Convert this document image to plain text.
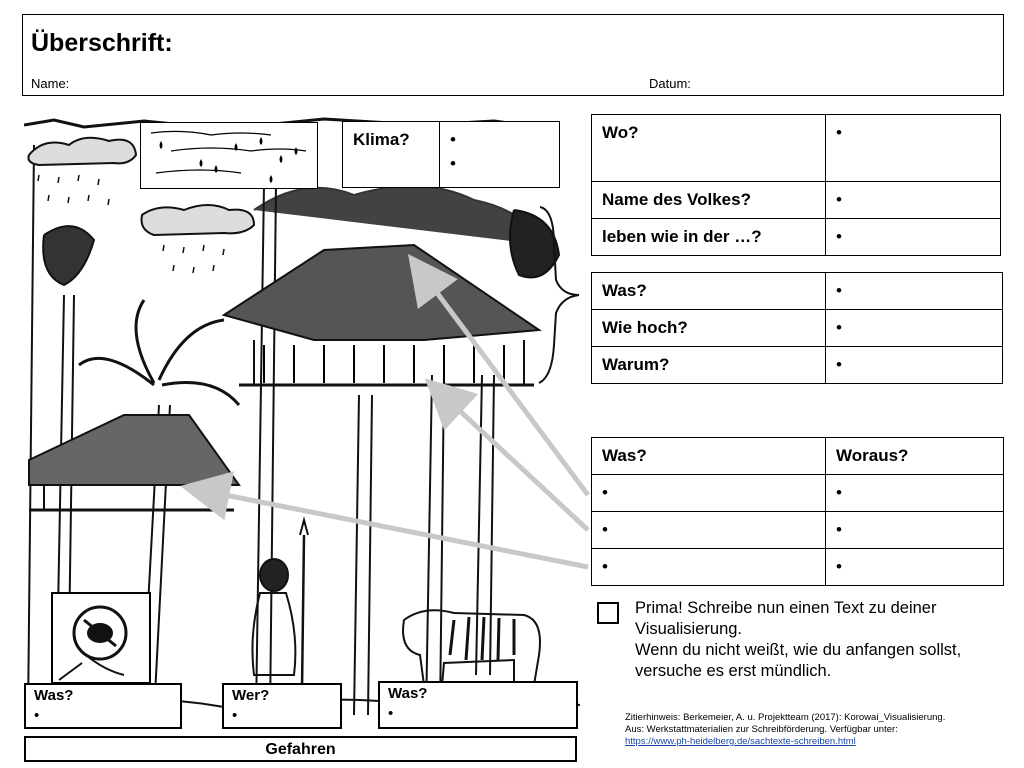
Überschrift:
Name:	Datum:
Klima?	•
•
Wo?	•
Name des Volkes?	•
leben wie in der …?	•
Was?	•
Wie hoch?	•
Warum?	•
Was?	Woraus?
•	•
•	•
•	•
Prima! Schreibe nun einen Text zu deiner Visualisierung.
Wenn du nicht weißt, wie du anfangen sollst, versuche es erst mündlich.
Zitierhinweis: Berkemeier, A. u. Projektteam (2017): Korowai_Visualisierung.
Aus: Werkstattmaterialien zur Schreibförderung. Verfügbar unter:
https://www.ph-heidelberg.de/sachtexte-schreiben.html
Was?
•
Wer?
•
Was?
•
Gefahren
